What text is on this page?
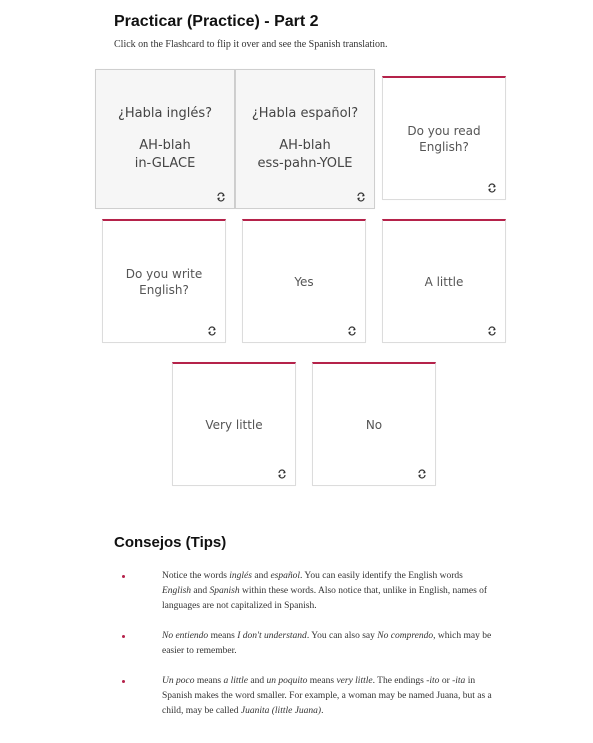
Practicar (Practice) - Part 2

Click on the Flashcard to flip it over and see the Spanish translation.

¿Habla inglés?
AH-blah
in-GLACE
¿Habla español?
AH-blah
ess-pahn-YOLE
Do you read
English?
Do you write
English?
Yes	A little
Very little	No
Consejos (Tips)
Notice the words inglés and español. You can easily identify the English words English and Spanish within these words. Also notice that, unlike in English, names of languages are not capitalized in Spanish.
No entiendo means I don't understand. You can also say No comprendo, which may be easier to remember.
Un poco means a little and un poquito means very little. The endings -ito or -ita in Spanish makes the word smaller. For example, a woman may be named Juana, but as a child, may be called Juanita (little Juana).
